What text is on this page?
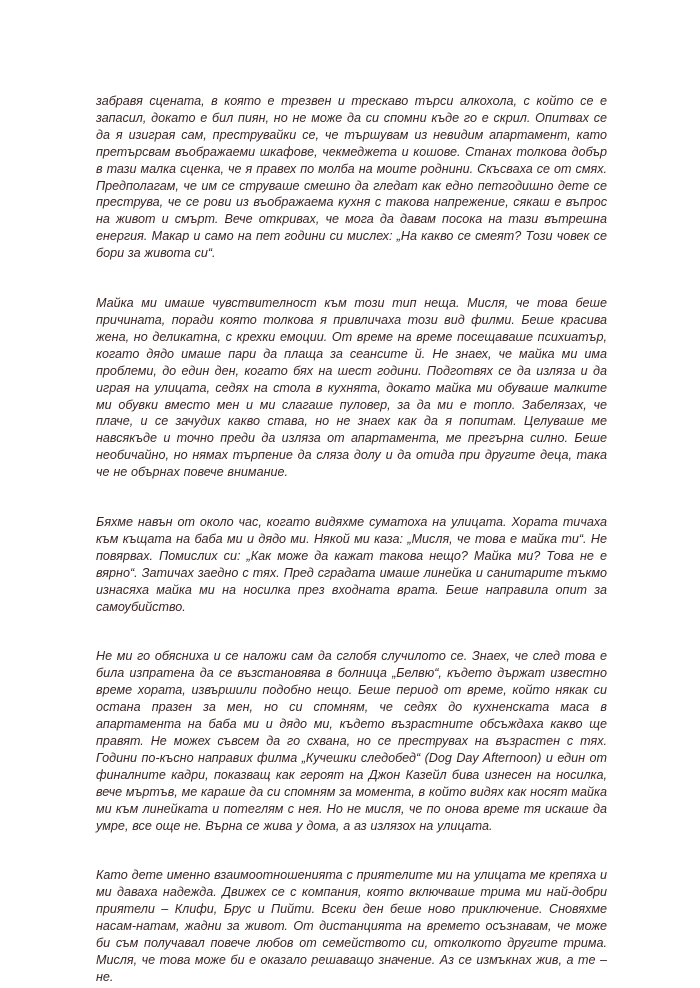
забравя сцената, в която е трезвен и трескаво търси алкохола, с който се е запасил, докато е бил пиян, но не може да си спомни къде го е скрил. Опитвах се да я изиграя сам, преструвайки се, че тършувам из невидим апартамент, като претърсвам въображаеми шкафове, чекмеджета и кошове. Станах толкова добър в тази малка сценка, че я правех по молба на моите роднини. Скъсваха се от смях. Предполагам, че им се струваше смешно да гледат как едно петгодишно дете се преструва, че се рови из въображаема кухня с такова напрежение, сякаш е въпрос на живот и смърт. Вече откривах, че мога да давам посока на тази вътрешна енергия. Макар и само на пет години си мислех: „На какво се смеят? Този човек се бори за живота си“.

Майка ми имаше чувствителност към този тип неща. Мисля, че това беше причината, поради която толкова я привличаха този вид филми. Беше красива жена, но деликатна, с крехки емоции. От време на време посещаваше психиатър, когато дядо имаше пари да плаща за сеансите й. Не знаех, че майка ми има проблеми, до един ден, когато бях на шест години. Подготвях се да изляза и да играя на улицата, седях на стола в кухнята, докато майка ми обуваше малките ми обувки вместо мен и ми слагаше пуловер, за да ми е топло. Забелязах, че плаче, и се зачудих какво става, но не знаех как да я попитам. Целуваше ме навсякъде и точно преди да изляза от апартамента, ме прегърна силно. Беше необичайно, но нямах търпение да сляза долу и да отида при другите деца, така че не обърнах повече внимание.

Бяхме навън от около час, когато видяхме суматоха на улицата. Хората тичаха към къщата на баба ми и дядо ми. Някой ми каза: „Мисля, че това е майка ти“. Не повярвах. Помислих си: „Как може да кажат такова нещо? Майка ми? Това не е вярно“. Затичах заедно с тях. Пред сградата имаше линейка и санитарите тъкмо изнасяха майка ми на носилка през входната врата. Беше направила опит за самоубийство.

Не ми го обясниха и се наложи сам да сглобя случилото се. Знаех, че след това е била изпратена да се възстановява в болница „Белвю“, където държат известно време хората, извършили подобно нещо. Беше период от време, който някак си остана празен за мен, но си спомням, че седях до кухненската маса в апартамента на баба ми и дядо ми, където възрастните обсъждаха какво ще правят. Не можех съвсем да го схвана, но се преструвах на възрастен с тях. Години по-късно направих филма „Кучешки следобед“ (Dog Day Afternoon) и един от финалните кадри, показващ как героят на Джон Казейл бива изнесен на носилка, вече мъртъв, ме караше да си спомням за момента, в който видях как носят майка ми към линейката и потеглям с нея. Но не мисля, че по онова време тя искаше да умре, все още не. Върна се жива у дома, а аз излязох на улицата.

Като дете именно взаимоотношенията с приятелите ми на улицата ме крепяха и ми даваха надежда. Движех се с компания, която включваше трима ми най-добри приятели – Клифи, Брус и Пийти. Всеки ден беше ново приключение. Сновяхме насам-натам, жадни за живот. От дистанцията на времето осъзнавам, че може би съм получавал повече любов от семейството си, отколкото другите трима. Мисля, че това може би е оказало решаващо значение. Аз се измъкнах жив, а те – не.
